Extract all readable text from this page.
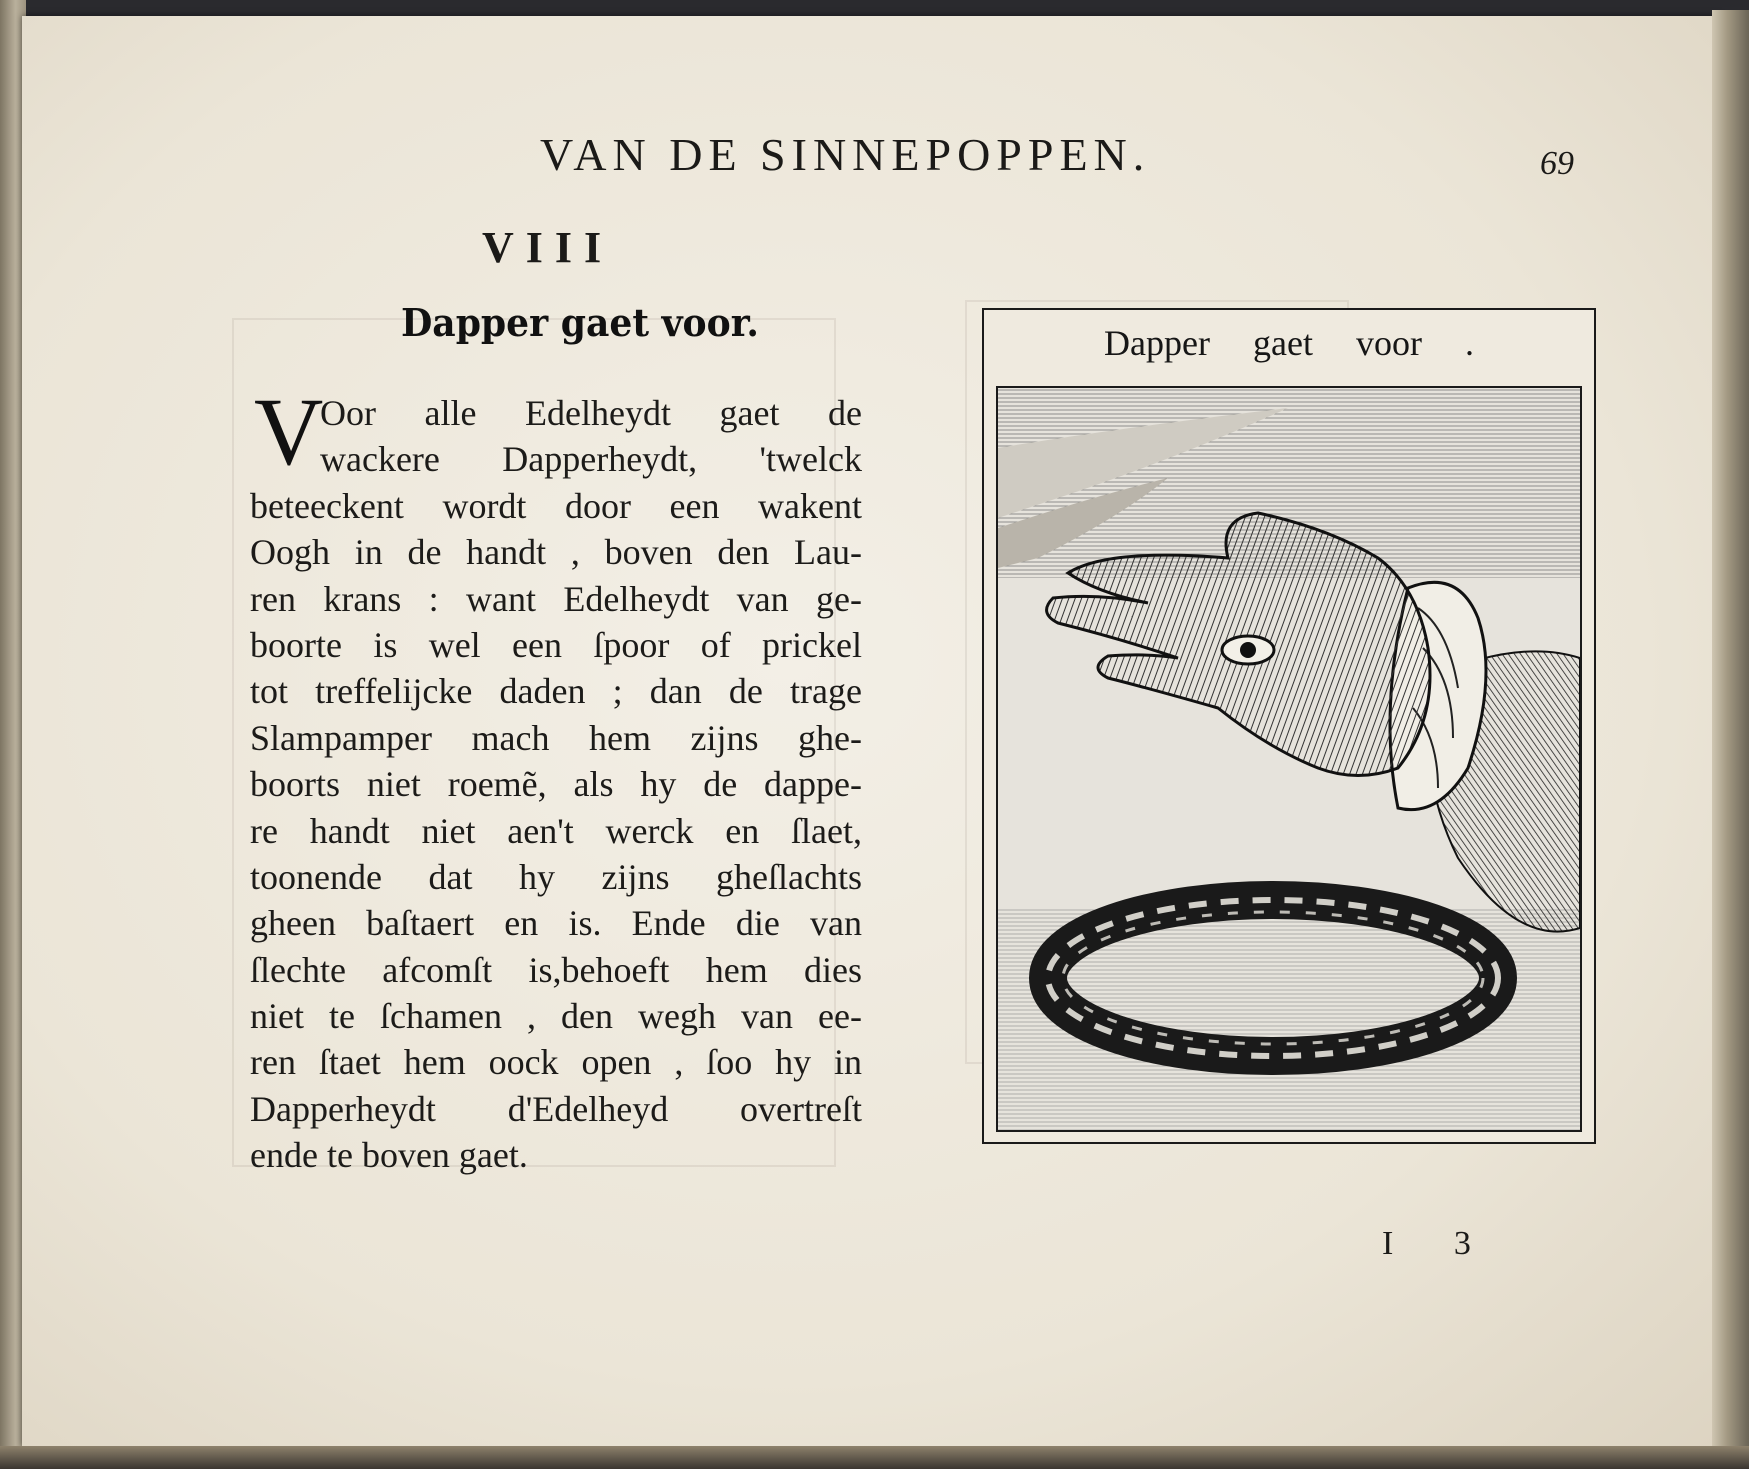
VAN DE SINNEPOPPEN.	69
VIII
Dapper gaet voor.
V
Oor alle Edelheydt gaet de
wackere Dapperheydt, 'twelck
beteeckent wordt door een wakent
Oogh in de handt , boven den Lau-
ren krans : want Edelheydt van ge-
boorte is wel een ſpoor of prickel
tot treffelijcke daden ; dan de trage
Slampamper mach hem zijns ghe-
boorts niet roemẽ, als hy de dappe-
re handt niet aen't werck en ſlaet,
toonende dat hy zijns gheſlachts
gheen baſtaert en is. Ende die van
ſlechte afcomſt is,behoeft hem dies
niet te ſchamen , den wegh van ee-
ren ſtaet hem oock open , ſoo hy in
Dapperheydt d'Edelheyd overtreſt
ende te boven gaet.
Dapper gaet voor .
I 3
